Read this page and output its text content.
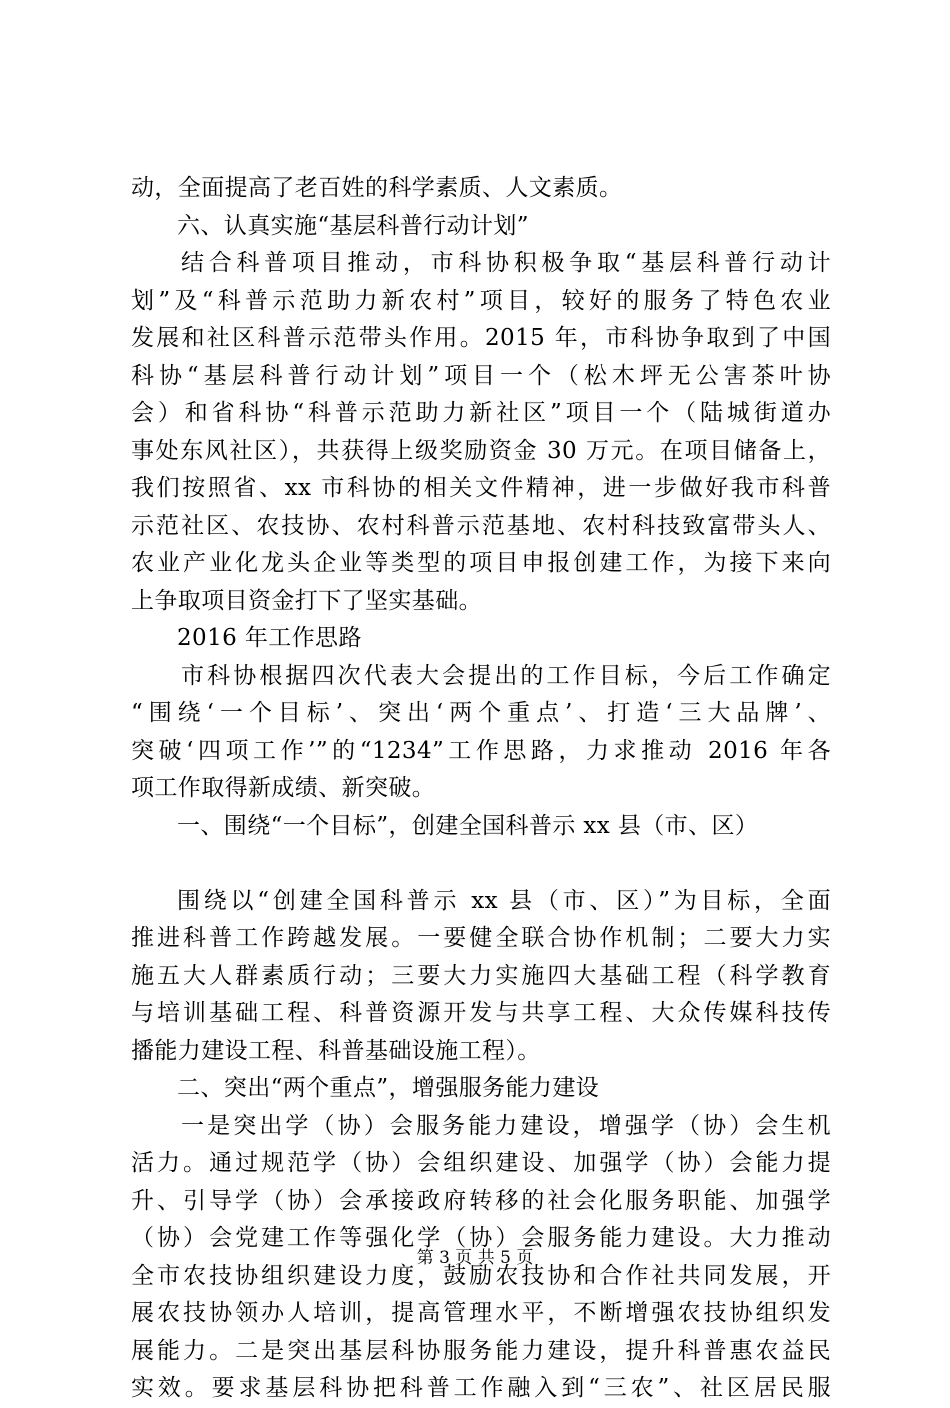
动，全面提高了老百姓的科学素质、人文素质。
六、认真实施“基层科普行动计划”
结合科普项目推动，市科协积极争取“基层科普行动计
划”及“科普示范助力新农村”项目，较好的服务了特色农业
发展和社区科普示范带头作用。2015 年，市科协争取到了中国
科协“基层科普行动计划”项目一个（松木坪无公害茶叶协
会）和省科协“科普示范助力新社区”项目一个（陆城街道办
事处东风社区），共获得上级奖励资金 30 万元。在项目储备上，
我们按照省、xx 市科协的相关文件精神，进一步做好我市科普
示范社区、农技协、农村科普示范基地、农村科技致富带头人、
农业产业化龙头企业等类型的项目申报创建工作，为接下来向
上争取项目资金打下了坚实基础。
2016 年工作思路
市科协根据四次代表大会提出的工作目标，今后工作确定
“围绕‘一个目标’、突出‘两个重点’、打造‘三大品牌’、
突破‘四项工作’”的“1234”工作思路，力求推动 2016 年各
项工作取得新成绩、新突破。
一、围绕“一个目标”，创建全国科普示 xx 县（市、区）
围绕以“创建全国科普示 xx 县（市、区）”为目标，全面
推进科普工作跨越发展。一要健全联合协作机制；二要大力实
施五大人群素质行动；三要大力实施四大基础工程（科学教育
与培训基础工程、科普资源开发与共享工程、大众传媒科技传
播能力建设工程、科普基础设施工程）。
二、突出“两个重点”，增强服务能力建设
一是突出学（协）会服务能力建设，增强学（协）会生机
活力。通过规范学（协）会组织建设、加强学（协）会能力提
升、引导学（协）会承接政府转移的社会化服务职能、加强学
（协）会党建工作等强化学（协）会服务能力建设。大力推动
全市农技协组织建设力度，鼓励农技协和合作社共同发展，开
展农技协领办人培训，提高管理水平，不断增强农技协组织发
展能力。二是突出基层科协服务能力建设，提升科普惠农益民
实效。要求基层科协把科普工作融入到“三农”、社区居民服
第 3 页 共 5 页
